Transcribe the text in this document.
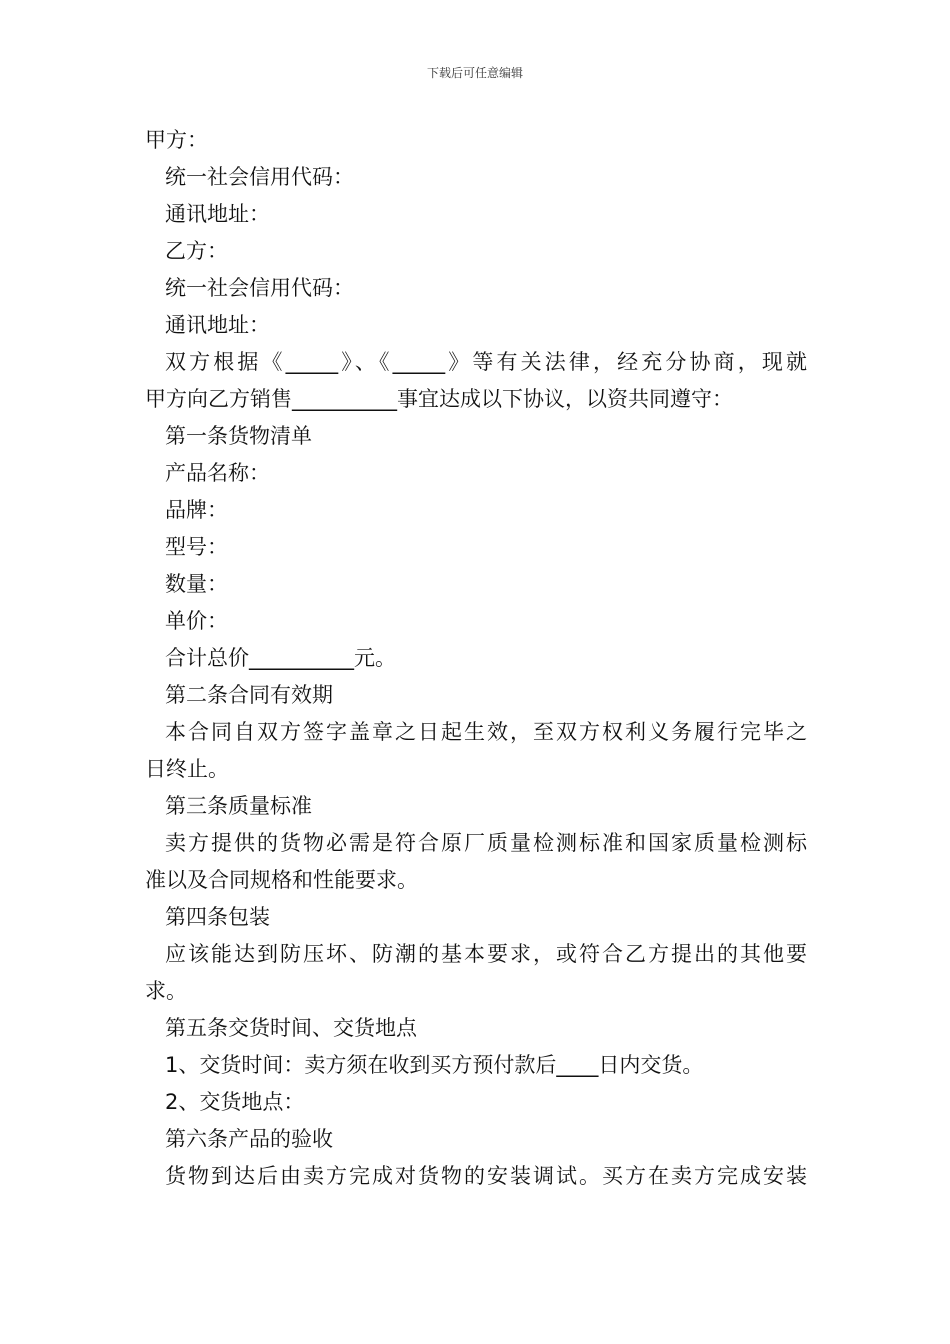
下载后可任意编辑
甲方：
统一社会信用代码：
通讯地址：
乙方：
统一社会信用代码：
通讯地址：
双方根据《_____》、《_____》等有关法律，经充分协商，现就
甲方向乙方销售__________事宜达成以下协议，以资共同遵守：
第一条货物清单
产品名称：
品牌：
型号：
数量：
单价：
合计总价__________元。
第二条合同有效期
本合同自双方签字盖章之日起生效，至双方权利义务履行完毕之
日终止。
第三条质量标准
卖方提供的货物必需是符合原厂质量检测标准和国家质量检测标
准以及合同规格和性能要求。
第四条包装
应该能达到防压坏、防潮的基本要求，或符合乙方提出的其他要
求。
第五条交货时间、交货地点
1、交货时间：卖方须在收到买方预付款后____日内交货。
2、交货地点：
第六条产品的验收
货物到达后由卖方完成对货物的安装调试。买方在卖方完成安装
